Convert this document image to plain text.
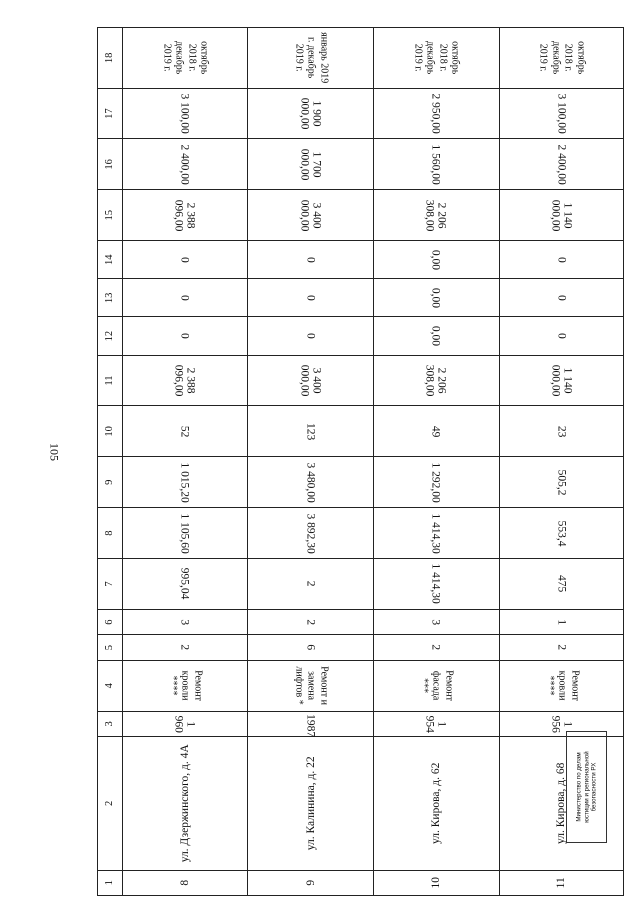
105
1	2	3	4	5	6	7	8	9	10	11	12	13	14	15	16	17	18
8	ул. Дзержинского, д. 4А	1 960	Ремонт кровли ****	2	3	995,04	1 105,60	1 015,20	52	2 388 096,00	0	0	0	2 388 096,00	2 400,00	3 100,00	октябрь 2018 г. декабрь 2019 г.
9	ул. Калинина, д. 22	1987	Ремонт и замена лифтов *	6	2	2	3 892,30	3 480,00	123	3 400 000,00	0	0	0	3 400 000,00	1 700 000,00	1 900 000,00	январь 2019 г. декабрь 2019 г.
10	ул. Кирова, д. 62	1 954	Ремонт фасада ***	2	3	1 414,30	1 414,30	1 292,00	49	2 206 308,00	0,00	0,00	0,00	2 206 308,00	1 560,00	2 950,00	октябрь 2018 г. декабрь 2019 г.
11	ул. Кирова, д. 68	1 956	Ремонт кровли ****	2	1	475	553,4	505,2	23	1 140 000,00	0	0	0	1 140 000,00	2 400,00	3 100,00	октябрь 2018 г. декабрь 2019 г.
Министерство по делам юстиции и региональной безопасности РХ
